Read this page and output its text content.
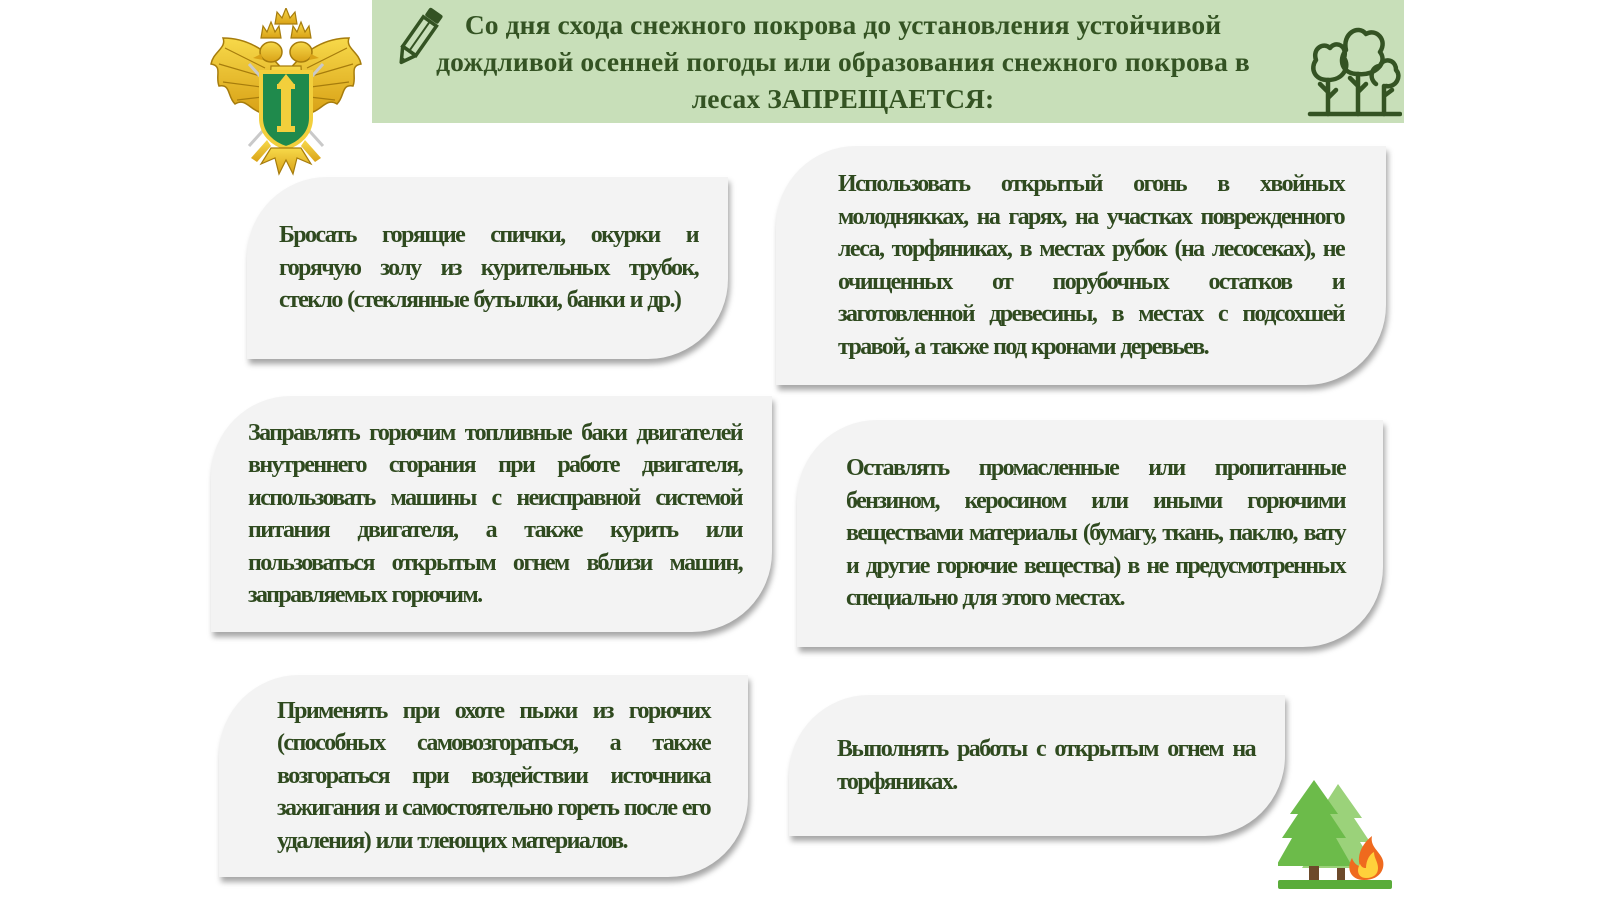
Со дня схода снежного покрова до установления устойчивой дождливой осенней погоды или образования снежного покрова в лесах ЗАПРЕЩАЕТСЯ:

Бросать горящие спички, окурки и горячую золу из курительных трубок, стекло (стеклянные бутылки, банки и др.)

Использовать открытый огонь в хвойных молоднякках, на гарях, на участках поврежденного леса, торфяниках, в местах рубок (на лесосеках), не очищенных от порубочных остатков и заготовленной древесины, в местах с подсохшей травой, а также под кронами деревьев.

Заправлять горючим топливные баки двигателей внутреннего сгорания при работе двигателя, использовать машины с неисправной системой питания двигателя, а также курить или пользоваться открытым огнем вблизи машин, заправляемых горючим.

Оставлять промасленные или пропитанные бензином, керосином или иными горючими веществами материалы (бумагу, ткань, паклю, вату и другие горючие вещества) в не предусмотренных специально для этого местах.

Применять при охоте пыжи из горючих (способных самовозгораться, а также возгораться при воздействии источника зажигания и самостоятельно гореть после его удаления) или тлеющих материалов.

Выполнять работы с открытым огнем на торфяниках.
